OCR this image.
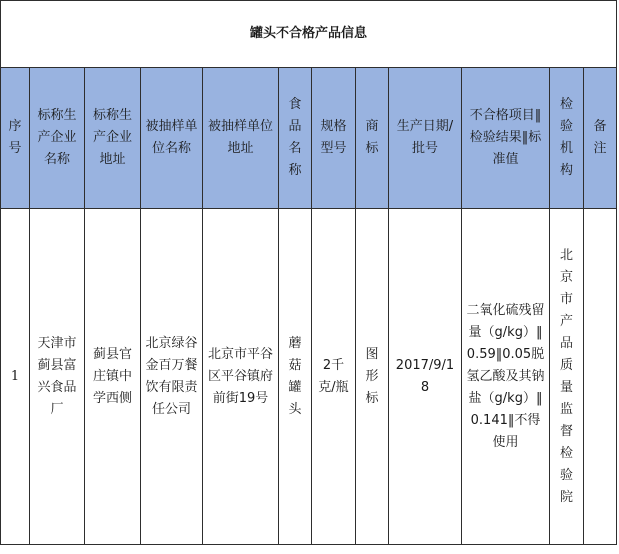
罐头不合格产品信息											
序号	标称生产企业名称	标称生产企业地址	被抽样单位名称	被抽样单位地址	食品名称	规格型号	商标	生产日期/批号	不合格项目‖检验结果‖标准值	检验机构	备注
1	天津市蓟县富兴食品厂	蓟县官庄镇中学西侧	北京绿谷金百万餐饮有限责任公司	北京市平谷区平谷镇府前街19号	蘑菇罐头	2千克/瓶	图形标	2017/9/18	二氧化硫残留量（g/kg）‖0.59‖0.05脱氢乙酸及其钠盐（g/kg）‖0.141‖不得使用	北京市产品质量监督检验院	
